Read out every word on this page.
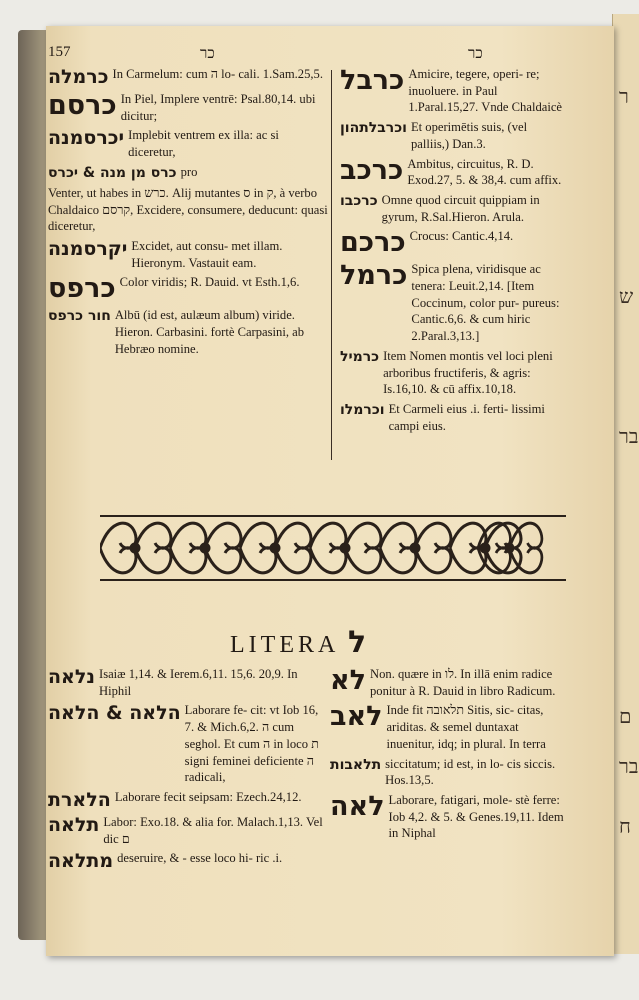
ר
ש
בר
ם
בר
ח
157	כר	כר
כרמלה In Carmelum: cum ה lo- cali. 1.Sam.25,5.
כרסם In Piel, Implere ventrē: Psal.80,14. ubi dicitur;
יכרסמנה Implebit ventrem ex illa: ac si diceretur,
כרס מן מנה & יכרס pro

Venter, ut habes in כרש. Alij mutantes ס in ק, à verbo Chaldaico קרסם, Excidere, consumere, deducunt: quasi diceretur,

יקרסמנה Excidet, aut consu- met illam. Hieronym. Vastauit eam.
כרפס Color viridis; R. Dauid. vt Esth.1,6.
חור כרפס Albū (id est, aulæum album) viride. Hieron. Carbasini. fortè Carpasini, ab Hebræo nomine.
כרבל Amicire, tegere, operi- re; inuoluere. in Paul 1.Paral.15,27. Vnde Chaldaicè
וכרבלתהון Et operimētis suis, (vel palliis,) Dan.3.
כרכב Ambitus, circuitus, R. D. Exod.27, 5. & 38,4. cum affix.
כרכבו Omne quod circuit quippiam in gyrum, R.Sal.Hieron. Arula.
כרכם Crocus: Cantic.4,14.
כרמל Spica plena, viridisque ac tenera: Leuit.2,14. [Item Coccinum, color pur- pureus: Cantic.6,6. & cum hiric 2.Paral.3,13.]
כרמיל Item Nomen montis vel loci pleni arboribus fructiferis, & agris: Is.16,10. & cū affix.10,18.
וכרמלו Et Carmeli eius .i. ferti- lissimi campi eius.
LITERA ל
נלאה Isaiæ 1,14. & Ierem.6,11. 15,6. 20,9. In Hiphil
הלאה & הלאה Laborare fe- cit: vt Iob 16, 7. & Mich.6,2. ה cum seghol. Et cum ה in loco ת signi feminei deficiente ה radicali,
הלארת Laborare fecit seipsam: Ezech.24,12.
תלאה Labor: Exo.18. & alia for. Malach.1,13. Vel dic ם
מתלאה deseruire, & - esse loco hi- ric .i.
לא Non. quære in לו. In illā enim radice ponitur à R. Dauid in libro Radicum.
לאב Inde fit תלאובה Sitis, sic- citas, ariditas. & semel duntaxat inuenitur, idq; in plural. In terra
תלאבות siccitatum; id est, in lo- cis siccis. Hos.13,5.
לאה Laborare, fatigari, mole- stè ferre: Iob 4,2. & 5. & Genes.19,11. Idem in Niphal
